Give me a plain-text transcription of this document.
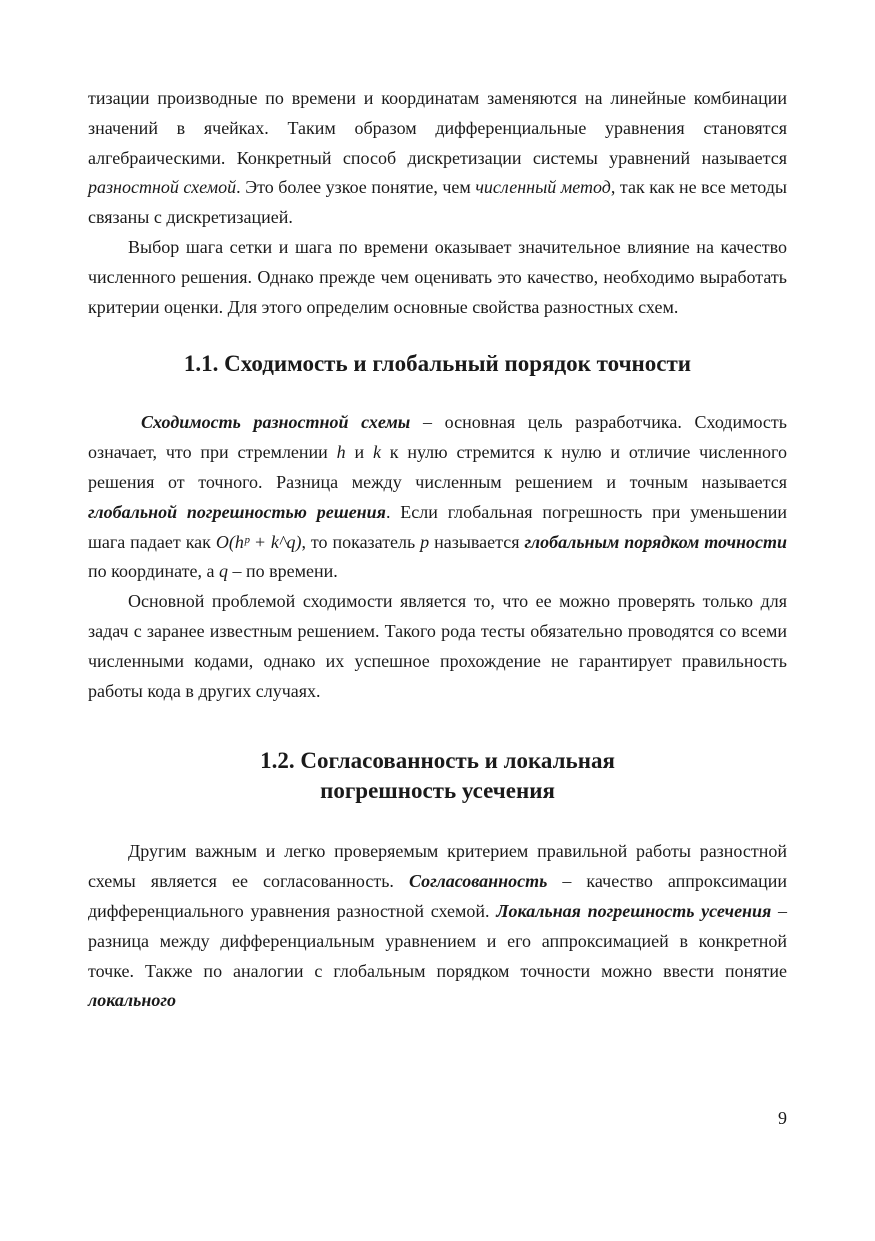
тизации производные по времени и координатам заменяются на линейные комбинации значений в ячейках. Таким образом дифференциальные уравнения становятся алгебраическими. Конкретный способ дискретизации системы уравнений называется разностной схемой. Это более узкое понятие, чем численный метод, так как не все методы связаны с дискретизацией.

Выбор шага сетки и шага по времени оказывает значительное влияние на качество численного решения. Однако прежде чем оценивать это качество, необходимо выработать критерии оценки. Для этого определим основные свойства разностных схем.

1.1. Сходимость и глобальный порядок точности

Сходимость разностной схемы – основная цель разработчика. Сходимость означает, что при стремлении h и k к нулю стремится к нулю и отличие численного решения от точного. Разница между численным решением и точным называется глобальной погрешностью решения. Если глобальная погрешность при уменьшении шага падает как O(hᵖ + k^q), то показатель p называется глобальным порядком точности по координате, а q – по времени.

Основной проблемой сходимости является то, что ее можно проверять только для задач с заранее известным решением. Такого рода тесты обязательно проводятся со всеми численными кодами, однако их успешное прохождение не гарантирует правильность работы кода в других случаях.

1.2. Согласованность и локальная
погрешность усечения

Другим важным и легко проверяемым критерием правильной работы разностной схемы является ее согласованность. Согласованность – качество аппроксимации дифференциального уравнения разностной схемой. Локальная погрешность усечения – разница между дифференциальным уравнением и его аппроксимацией в конкретной точке. Также по аналогии с глобальным порядком точности можно ввести понятие локального

9
